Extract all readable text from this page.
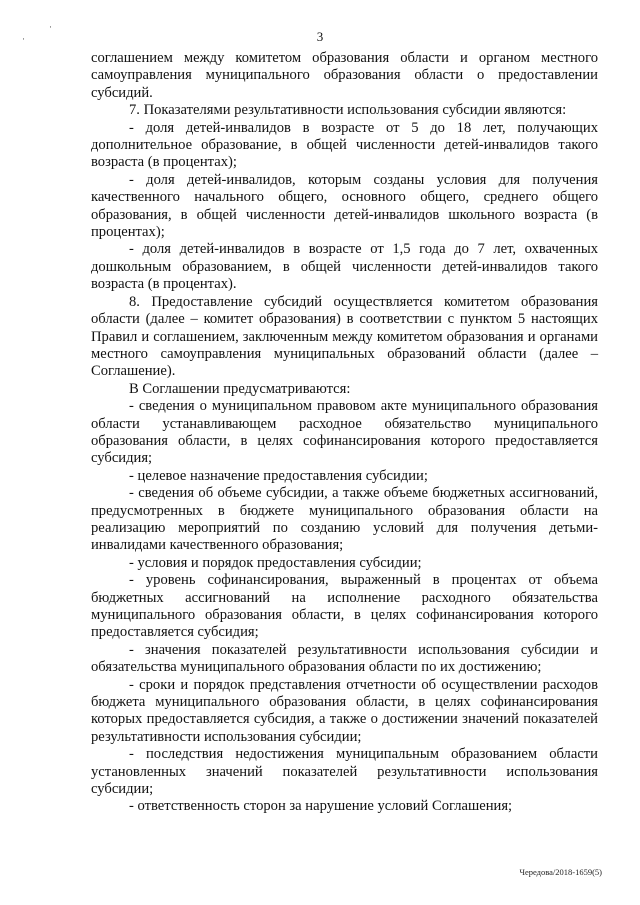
·
·	3

соглашением между комитетом образования области и органом местного самоуправления муниципального образования области о предоставлении субсидий.

7. Показателями результативности использования субсидии являются:

- доля детей-инвалидов в возрасте от 5 до 18 лет, получающих дополнительное образование, в общей численности детей-инвалидов такого возраста (в процентах);

- доля детей-инвалидов, которым созданы условия для получения качественного начального общего, основного общего, среднего общего образования, в общей численности детей-инвалидов школьного возраста (в процентах);

- доля детей-инвалидов в возрасте от 1,5 года до 7 лет, охваченных дошкольным образованием, в общей численности детей-инвалидов такого возраста (в процентах).

8. Предоставление субсидий осуществляется комитетом образования области (далее – комитет образования) в соответствии с пунктом 5 настоящих Правил и соглашением, заключенным между комитетом образования и органами местного самоуправления муниципальных образований области (далее – Соглашение).

В Соглашении предусматриваются:

- сведения о муниципальном правовом акте муниципального образования области устанавливающем расходное обязательство муниципального образования области, в целях софинансирования которого предоставляется субсидия;

- целевое назначение предоставления субсидии;

- сведения об объеме субсидии, а также объеме бюджетных ассигнований, предусмотренных в бюджете муниципального образования области на реализацию мероприятий по созданию условий для получения детьми-инвалидами качественного образования;

- условия и порядок предоставления субсидии;

- уровень софинансирования, выраженный в процентах от объема бюджетных ассигнований на исполнение расходного обязательства муниципального образования области, в целях софинансирования которого предоставляется субсидия;

- значения показателей результативности использования субсидии и обязательства муниципального образования области по их достижению;

- сроки и порядок представления отчетности об осуществлении расходов бюджета муниципального образования области, в целях софинансирования которых предоставляется субсидия, а также о достижении значений показателей результативности использования субсидии;

- последствия недостижения муниципальным образованием области установленных значений показателей результативности использования субсидии;

- ответственность сторон за нарушение условий Соглашения;

Чередова/2018-1659(5)
